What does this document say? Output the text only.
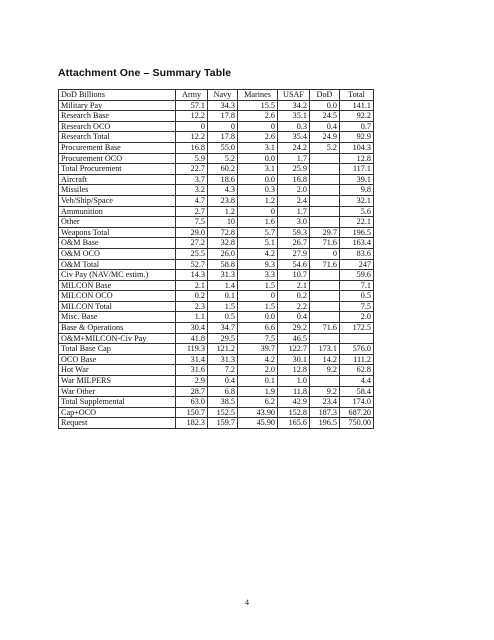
Attachment One – Summary Table
DoD Billions	Army	Navy	Marines	USAF	DoD	Total
Military Pay	57.1	34.3	15.5	34.2	0.0	141.1
Research Base	12.2	17.8	2.6	35.1	24.5	92.2
Research OCO	0	0	0	0.3	0.4	0.7
Research Total	12.2	17.8	2.6	35.4	24.9	92.9
Procurement Base	16.8	55.0	3.1	24.2	5.2	104.3
Procurement OCO	5.9	5.2	0.0	1.7		12.8
Total Procurement	22.7	60.2	3.1	25.9		117.1
Aircraft	3.7	18.6	0.0	16.8		39.1
Missiles	3.2	4.3	0.3	2.0		9.8
Veh/Ship/Space	4.7	23.8	1.2	2.4		32.1
Ammunition	2.7	1.2	0	1.7		5.6
Other	7.5	10	1.6	3.0		22.1
Weapons Total	29.0	72.8	5.7	59.3	29.7	196.5
O&M Base	27.2	32.8	5.1	26.7	71.6	163.4
O&M OCO	25.5	26.0	4.2	27.9	0	83.6
O&M Total	52.7	58.8	9.3	54.6	71.6	247
Civ Pay (NAV/MC estim.)	14.3	31.3	3.3	10.7		59.6
MILCON Base	2.1	1.4	1.5	2.1		7.1
MILCON OCO	0.2	0.1	0	0.2		0.5
MILCON Total	2.3	1.5	1.5	2.2		7.5
Misc. Base	1.1	0.5	0.0	0.4		2.0
Base & Operations	30.4	34.7	6.6	29.2	71.6	172.5
O&M+MILCON-Civ Pay	41.8	29.5	7.5	46.5		
Total Base Cap	119.3	121.2	39.7	122.7	173.1	576.0
OCO Base	31.4	31.3	4.2	30.1	14.2	111.2
Hot War	31.6	7.2	2.0	12.8	9.2	62.8
War MILPERS	2.9	0.4	0.1	1.0		4.4
War Other	28.7	6.8	1.9	11.8	9.2	58.4
Total Supplemental	63.0	38.5	6.2	42.9	23.4	174.0
Cap+OCO	150.7	152.5	43.90	152.8	187.3	687.20
Request	182.3	159.7	45.90	165.6	196.5	750.00
4
